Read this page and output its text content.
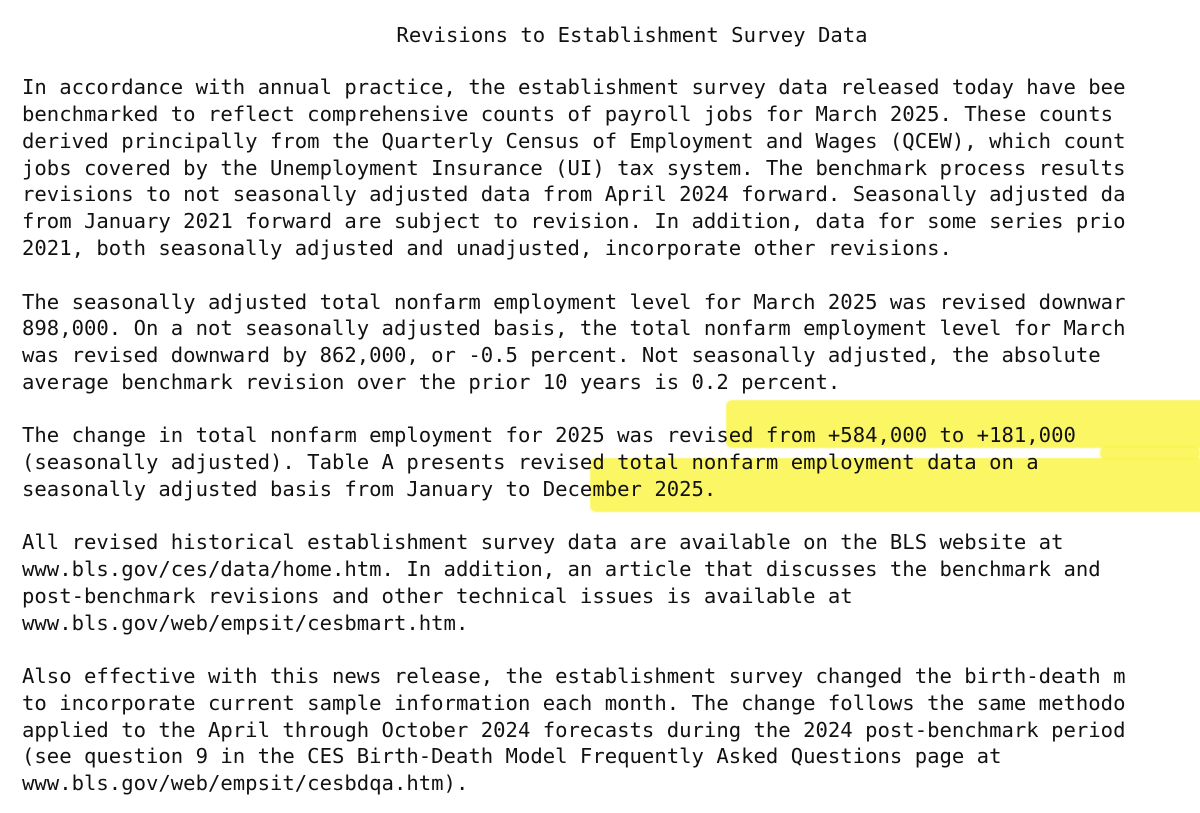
Revisions to Establishment Survey Data
In accordance with annual practice, the establishment survey data released today have bee
benchmarked to reflect comprehensive counts of payroll jobs for March 2025. These counts
derived principally from the Quarterly Census of Employment and Wages (QCEW), which count
jobs covered by the Unemployment Insurance (UI) tax system. The benchmark process results
revisions to not seasonally adjusted data from April 2024 forward. Seasonally adjusted da
from January 2021 forward are subject to revision. In addition, data for some series prio
2021, both seasonally adjusted and unadjusted, incorporate other revisions.
The seasonally adjusted total nonfarm employment level for March 2025 was revised downwar
898,000. On a not seasonally adjusted basis, the total nonfarm employment level for March
was revised downward by 862,000, or -0.5 percent. Not seasonally adjusted, the absolute
average benchmark revision over the prior 10 years is 0.2 percent.
The change in total nonfarm employment for 2025 was revised from +584,000 to +181,000
(seasonally adjusted). Table A presents revised total nonfarm employment data on a
seasonally adjusted basis from January to December 2025.
All revised historical establishment survey data are available on the BLS website at
www.bls.gov/ces/data/home.htm. In addition, an article that discusses the benchmark and
post-benchmark revisions and other technical issues is available at
www.bls.gov/web/empsit/cesbmart.htm.
Also effective with this news release, the establishment survey changed the birth-death m
to incorporate current sample information each month. The change follows the same methodo
applied to the April through October 2024 forecasts during the 2024 post-benchmark period
(see question 9 in the CES Birth-Death Model Frequently Asked Questions page at
www.bls.gov/web/empsit/cesbdqa.htm).
